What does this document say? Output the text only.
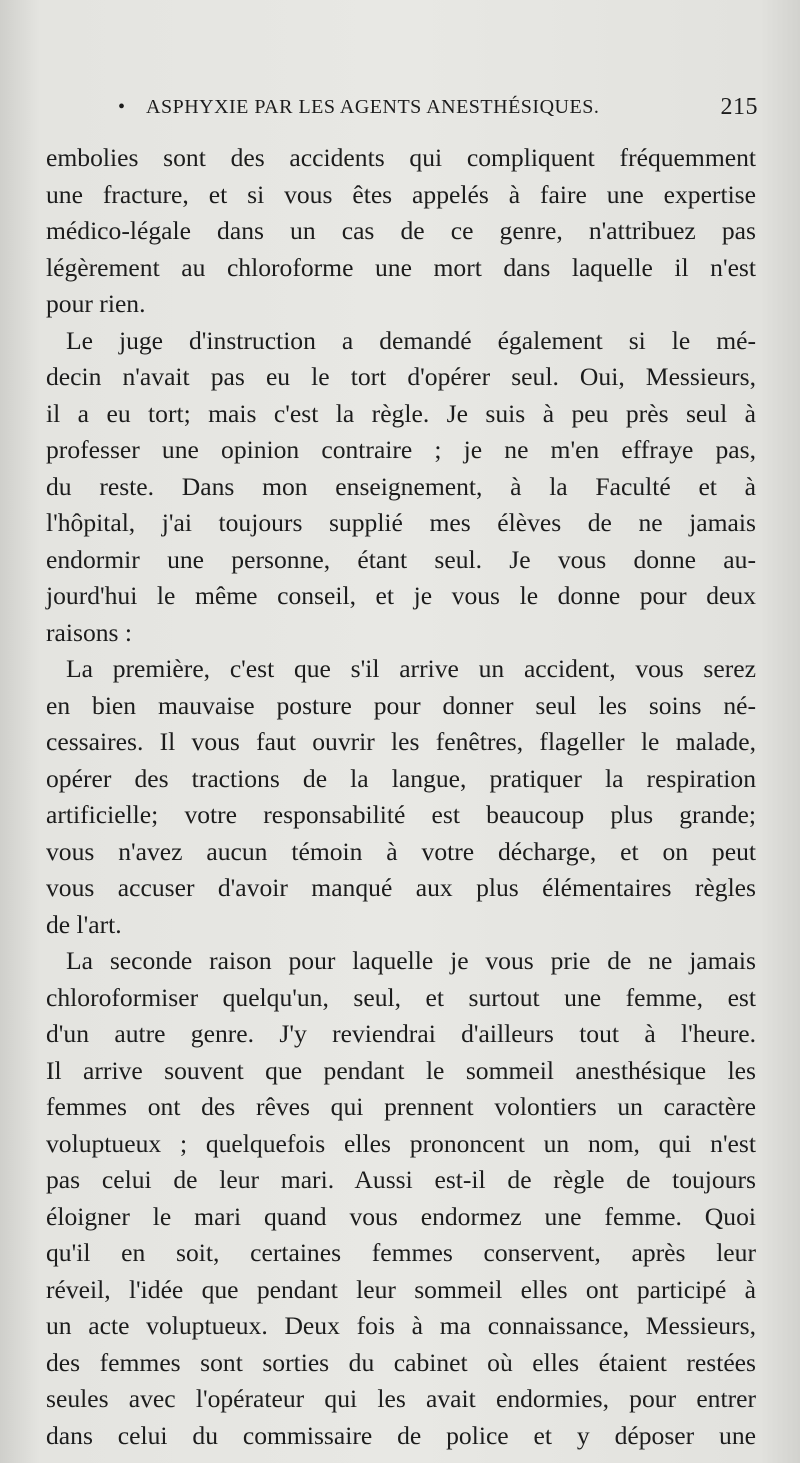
• ASPHYXIE PAR LES AGENTS ANESTHÉSIQUES.	215
embolies sont des accidents qui compliquent fréquemment
une fracture, et si vous êtes appelés à faire une expertise
médico-légale dans un cas de ce genre, n'attribuez pas
légèrement au chloroforme une mort dans laquelle il n'est
pour rien.
Le juge d'instruction a demandé également si le mé-
decin n'avait pas eu le tort d'opérer seul. Oui, Messieurs,
il a eu tort; mais c'est la règle. Je suis à peu près seul à
professer une opinion contraire ; je ne m'en effraye pas,
du reste. Dans mon enseignement, à la Faculté et à
l'hôpital, j'ai toujours supplié mes élèves de ne jamais
endormir une personne, étant seul. Je vous donne au-
jourd'hui le même conseil, et je vous le donne pour deux
raisons :
La première, c'est que s'il arrive un accident, vous serez
en bien mauvaise posture pour donner seul les soins né-
cessaires. Il vous faut ouvrir les fenêtres, flageller le malade,
opérer des tractions de la langue, pratiquer la respiration
artificielle; votre responsabilité est beaucoup plus grande;
vous n'avez aucun témoin à votre décharge, et on peut
vous accuser d'avoir manqué aux plus élémentaires règles
de l'art.
La seconde raison pour laquelle je vous prie de ne jamais
chloroformiser quelqu'un, seul, et surtout une femme, est
d'un autre genre. J'y reviendrai d'ailleurs tout à l'heure.
Il arrive souvent que pendant le sommeil anesthésique les
femmes ont des rêves qui prennent volontiers un caractère
voluptueux ; quelquefois elles prononcent un nom, qui n'est
pas celui de leur mari. Aussi est-il de règle de toujours
éloigner le mari quand vous endormez une femme. Quoi
qu'il en soit, certaines femmes conservent, après leur
réveil, l'idée que pendant leur sommeil elles ont participé à
un acte voluptueux. Deux fois à ma connaissance, Messieurs,
des femmes sont sorties du cabinet où elles étaient restées
seules avec l'opérateur qui les avait endormies, pour entrer
dans celui du commissaire de police et y déposer une
